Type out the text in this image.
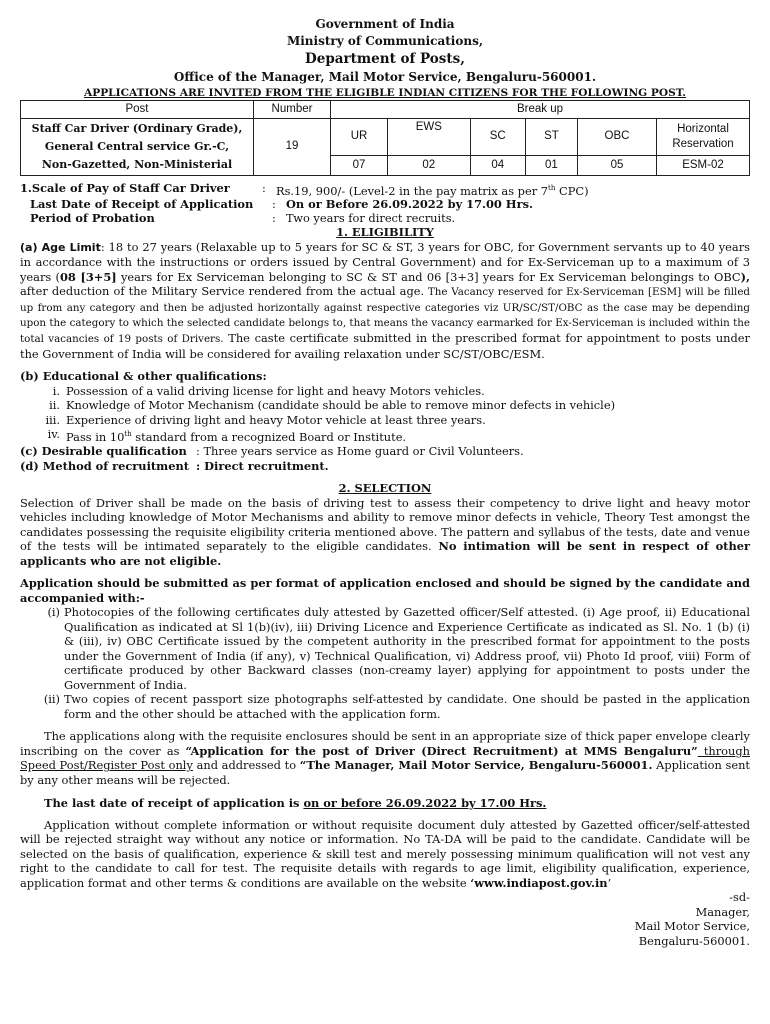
Government of India
Ministry of Communications,
Department of Posts,
Office of the Manager, Mail Motor Service, Bengaluru-560001.
APPLICATIONS ARE INVITED FROM THE ELIGIBLE INDIAN CITIZENS FOR THE FOLLOWING POST.
Post	Number	Break up					
Staff Car Driver (Ordinary Grade),
General Central service Gr.-C,
Non-Gazetted, Non-Ministerial	19	UR	EWS	SC	ST	OBC	Horizontal Reservation
		07	02	04	01	05	ESM-02
1.Scale of Pay of Staff Car Driver	: Rs.19, 900/- (Level-2 in the pay matrix as per 7th CPC)
Last Date of Receipt of Application	: On or Before 26.09.2022 by 17.00 Hrs.
Period of Probation	: Two years for direct recruits.
1. ELIGIBILITY

(a) Age Limit: 18 to 27 years (Relaxable up to 5 years for SC & ST, 3 years for OBC, for Government servants up to 40 years in accordance with the instructions or orders issued by Central Government) and for Ex-Serviceman up to a maximum of 3 years (08 [3+5] years for Ex Serviceman belonging to SC & ST and 06 [3+3] years for Ex Serviceman belongings to OBC), after deduction of the Military Service rendered from the actual age. The Vacancy reserved for Ex-Serviceman [ESM] will be filled up from any category and then be adjusted horizontally against respective categories viz UR/SC/ST/OBC as the case may be depending upon the category to which the selected candidate belongs to, that means the vacancy earmarked for Ex-Serviceman is included within the total vacancies of 19 posts of Drivers. The caste certificate submitted in the prescribed format for appointment to posts under the Government of India will be considered for availing relaxation under SC/ST/OBC/ESM.

(b) Educational & other qualifications:
i. Possession of a valid driving license for light and heavy Motors vehicles.
ii. Knowledge of Motor Mechanism (candidate should be able to remove minor defects in vehicle)
iii. Experience of driving light and heavy Motor vehicle at least three years.
iv. Pass in 10th standard from a recognized Board or Institute.
(c) Desirable qualification : Three years service as Home guard or Civil Volunteers.
(d) Method of recruitment : Direct recruitment.
2. SELECTION

Selection of Driver shall be made on the basis of driving test to assess their competency to drive light and heavy motor vehicles including knowledge of Motor Mechanisms and ability to remove minor defects in vehicle, Theory Test amongst the candidates possessing the requisite eligibility criteria mentioned above. The pattern and syllabus of the tests, date and venue of the tests will be intimated separately to the eligible candidates. No intimation will be sent in respect of other applicants who are not eligible.

Application should be submitted as per format of application enclosed and should be signed by the candidate and accompanied with:-

(i) Photocopies of the following certificates duly attested by Gazetted officer/Self attested. (i) Age proof, ii) Educational Qualification as indicated at Sl 1(b)(iv), iii) Driving Licence and Experience Certificate as indicated as Sl. No. 1 (b) (i) & (iii), iv) OBC Certificate issued by the competent authority in the prescribed format for appointment to the posts under the Government of India (if any), v) Technical Qualification, vi) Address proof, vii) Photo Id proof, viii) Form of certificate produced by other Backward classes (non-creamy layer) applying for appointment to posts under the Government of India.
(ii) Two copies of recent passport size photographs self-attested by candidate. One should be pasted in the application form and the other should be attached with the application form.

The applications along with the requisite enclosures should be sent in an appropriate size of thick paper envelope clearly inscribing on the cover as “Application for the post of Driver (Direct Recruitment) at MMS Bengaluru” through Speed Post/Register Post only and addressed to “The Manager, Mail Motor Service, Bengaluru-560001. Application sent by any other means will be rejected.

The last date of receipt of application is on or before 26.09.2022 by 17.00 Hrs.

Application without complete information or without requisite document duly attested by Gazetted officer/self-attested will be rejected straight way without any notice or information. No TA-DA will be paid to the candidate. Candidate will be selected on the basis of qualification, experience & skill test and merely possessing minimum qualification will not vest any right to the candidate to call for test. The requisite details with regards to age limit, eligibility qualification, experience, application format and other terms & conditions are available on the website ‘www.indiapost.gov.in’

-sd-
Manager,
Mail Motor Service,
Bengaluru-560001.
